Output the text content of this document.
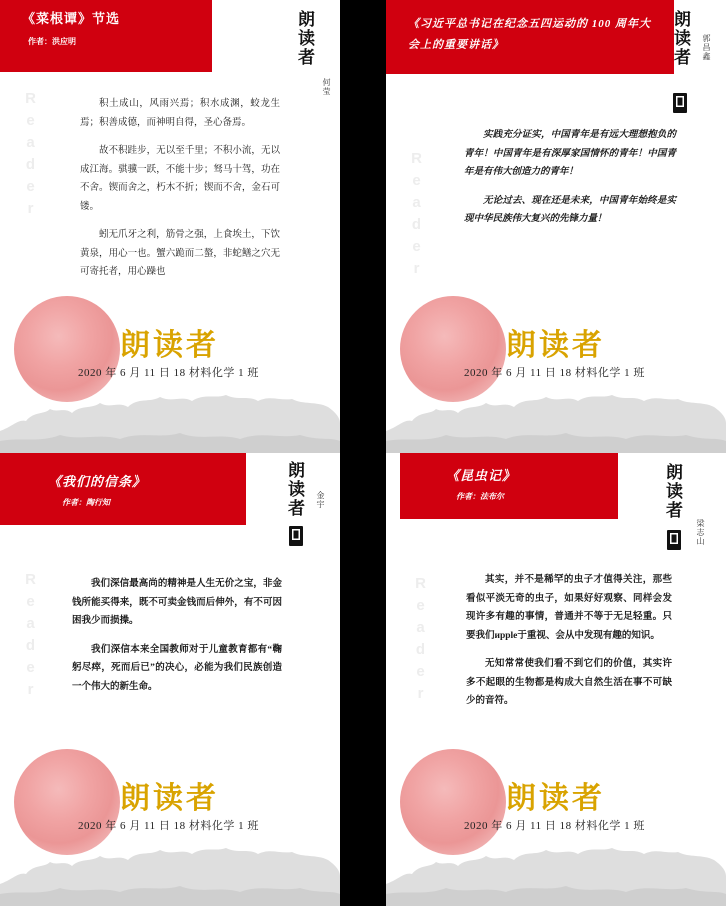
《菜根谭》节选
作者：洪应明	朗读者
何莹
Reader	积土成山，风雨兴焉；积水成渊，蛟龙生焉；积善成德，而神明自得，圣心备焉。

故不积跬步，无以至千里；不积小流，无以成江海。骐骥一跃，不能十步；驽马十驾，功在不舍。锲而舍之，朽木不折；锲而不舍，金石可镂。

蚓无爪牙之利，筋骨之强，上食埃土，下饮黄泉，用心一也。蟹六跪而二螯，非蛇鳝之穴无可寄托者，用心躁也

朗读者
2020 年 6 月 11 日 18 材料化学 1 班
《习近平总书记在纪念五四运动的 100 周年大会上的重要讲话》	朗读者 郭昌鑫
Reader

实践充分证实，中国青年是有远大理想抱负的青年！中国青年是有深厚家国情怀的青年！中国青年是有伟大创造力的青年！

无论过去、现在还是未来，中国青年始终是实现中华民族伟大复兴的先锋力量！

朗读者
2020 年 6 月 11 日 18 材料化学 1 班
《我们的信条》
作者：陶行知	朗读者 金宇
Reader	我们深信最高尚的精神是人生无价之宝，非金钱所能买得来，既不可卖金钱而后伸外，有不可因困我少而损操。

我们深信本来全国教师对于儿童教育都有“鞠躬尽瘁，死而后已”的决心，必能为我们民族创造一个伟大的新生命。

朗读者
2020 年 6 月 11 日 18 材料化学 1 班
《昆虫记》
作者：法布尔	朗读者
梁志山
Reader	其实，并不是稀罕的虫子才值得关注，那些看似平淡无奇的虫子，如果好好观察、同样会发现许多有趣的事情，普通并不等于无足轻重。只要我们иpple于重视、会从中发现有趣的知识。

无知常常使我们看不到它们的价值，其实许多不起眼的生物都是构成大自然生活在事不可缺少的音符。

朗读者
2020 年 6 月 11 日 18 材料化学 1 班
